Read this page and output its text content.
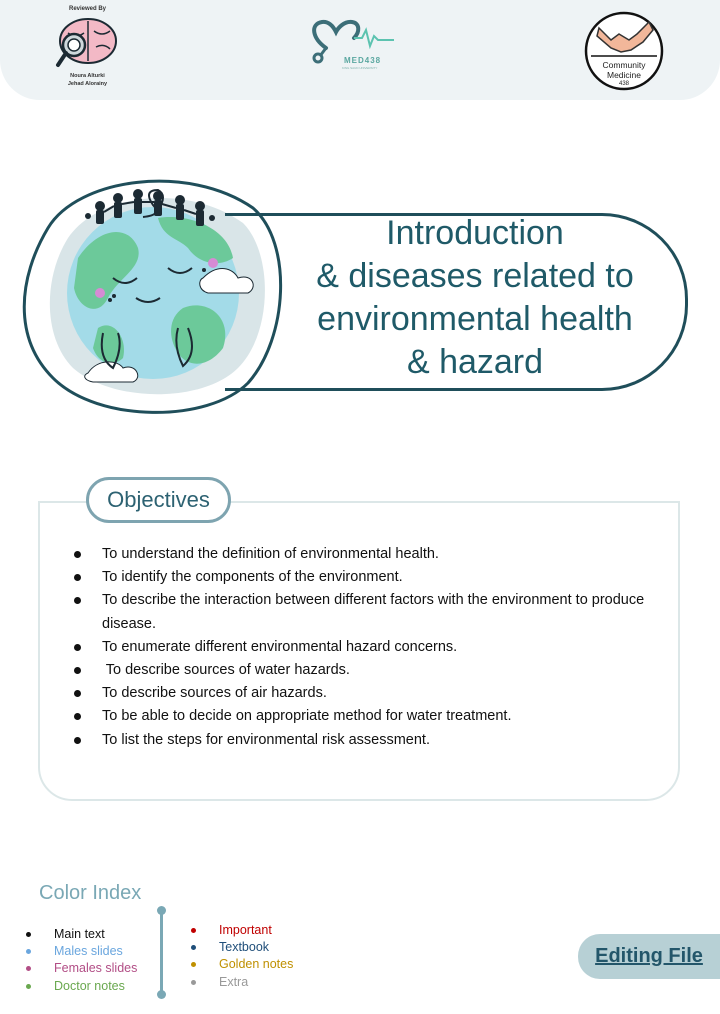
Reviewed By
Noura Alturki
Jehad Alorainy
MED438
KING SAUD UNIVERSITY	Community
Medicine
438
Introduction
& diseases related to
environmental health
& hazard
Objectives
To understand the definition of environmental health.
To identify the components of the environment.
To describe the interaction between different factors with the environment to produce disease.
To enumerate different environmental hazard concerns.
To describe sources of water hazards.
To describe sources of air hazards.
To be able to decide on appropriate method for water treatment.
To list the steps for environmental risk assessment.
Color Index
Main text
Males slides
Females slides
Doctor notes
Important
Textbook
Golden notes
Extra
Editing File
